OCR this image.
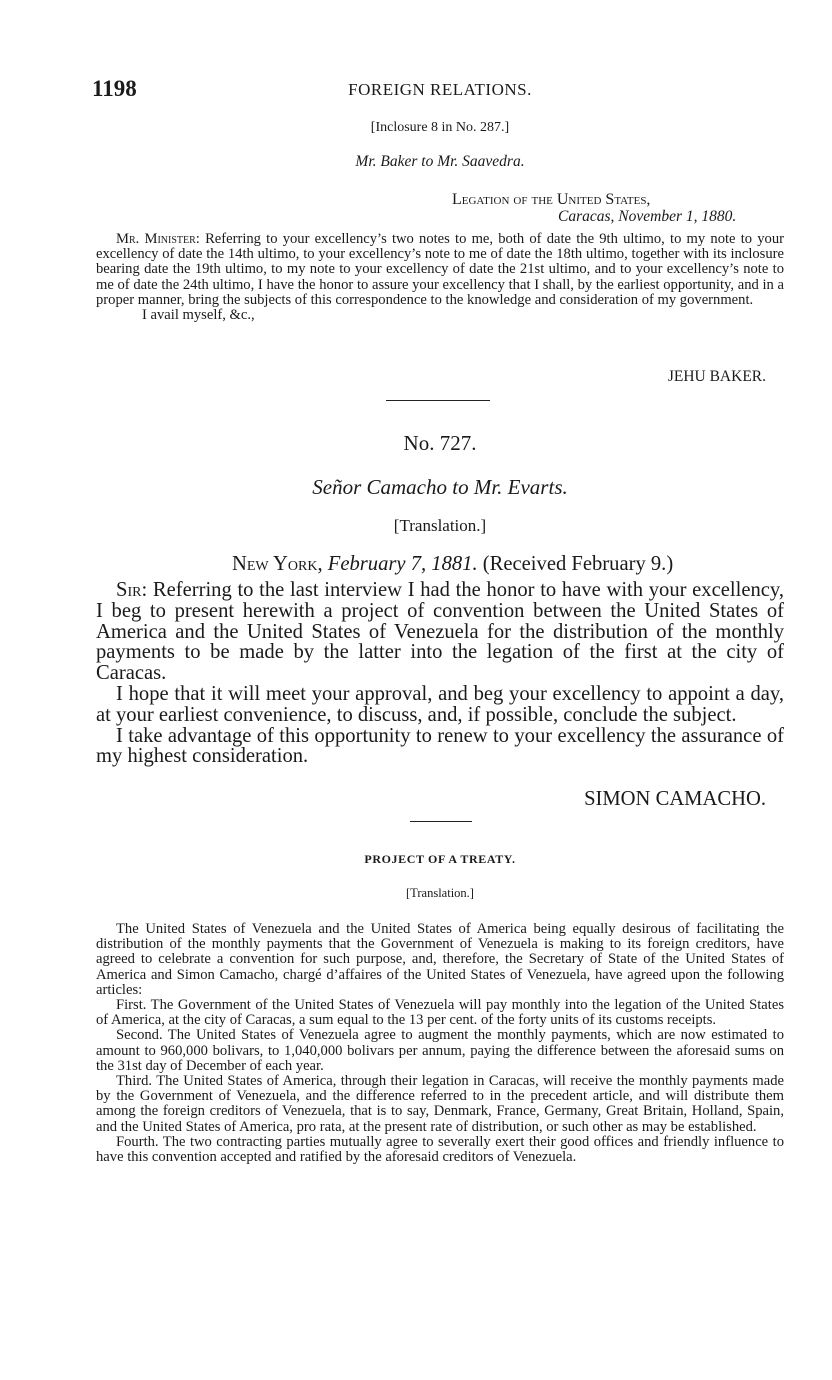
1198	FOREIGN RELATIONS.
[Inclosure 8 in No. 287.]
Mr. Baker to Mr. Saavedra.
Legation of the United States,
Caracas, November 1, 1880.

Mr. Minister: Referring to your excellency’s two notes to me, both of date the 9th ultimo, to my note to your excellency of date the 14th ultimo, to your excellency’s note to me of date the 18th ultimo, together with its inclosure bearing date the 19th ultimo, to my note to your excellency of date the 21st ultimo, and to your excellency’s note to me of date the 24th ultimo, I have the honor to assure your excellency that I shall, by the earliest opportunity, and in a proper manner, bring the subjects of this correspondence to the knowledge and consideration of my government.

I avail myself, &c.,

JEHU BAKER.
No. 727.
Señor Camacho to Mr. Evarts.
[Translation.]
New York, February 7, 1881. (Received February 9.)

Sir: Referring to the last interview I had the honor to have with your excellency, I beg to present herewith a project of convention between the United States of America and the United States of Venezuela for the distribution of the monthly payments to be made by the latter into the legation of the first at the city of Caracas.

I hope that it will meet your approval, and beg your excellency to appoint a day, at your earliest convenience, to discuss, and, if possible, conclude the subject.

I take advantage of this opportunity to renew to your excellency the assurance of my highest consideration.

SIMON CAMACHO.
PROJECT OF A TREATY.
[Translation.]

The United States of Venezuela and the United States of America being equally desirous of facilitating the distribution of the monthly payments that the Government of Venezuela is making to its foreign creditors, have agreed to celebrate a convention for such purpose, and, therefore, the Secretary of State of the United States of America and Simon Camacho, chargé d’affaires of the United States of Venezuela, have agreed upon the following articles:

First. The Government of the United States of Venezuela will pay monthly into the legation of the United States of America, at the city of Caracas, a sum equal to the 13 per cent. of the forty units of its customs receipts.

Second. The United States of Venezuela agree to augment the monthly payments, which are now estimated to amount to 960,000 bolivars, to 1,040,000 bolivars per annum, paying the difference between the aforesaid sums on the 31st day of December of each year.

Third. The United States of America, through their legation in Caracas, will receive the monthly payments made by the Government of Venezuela, and the difference referred to in the precedent article, and will distribute them among the foreign creditors of Venezuela, that is to say, Denmark, France, Germany, Great Britain, Holland, Spain, and the United States of America, pro rata, at the present rate of distribution, or such other as may be established.

Fourth. The two contracting parties mutually agree to severally exert their good offices and friendly influence to have this convention accepted and ratified by the aforesaid creditors of Venezuela.
